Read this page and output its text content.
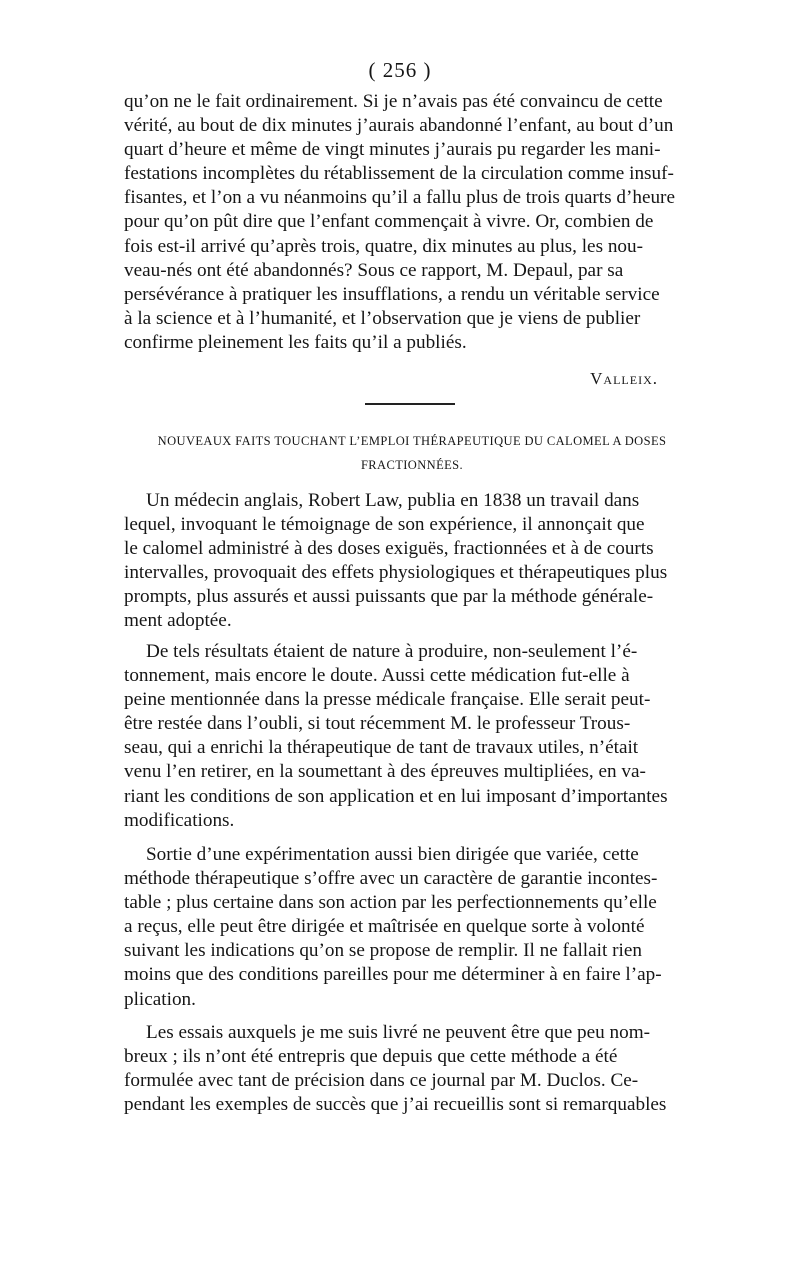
( 256 )

qu’on ne le fait ordinairement. Si je n’avais pas été convaincu de cette
vérité, au bout de dix minutes j’aurais abandonné l’enfant, au bout d’un
quart d’heure et même de vingt minutes j’aurais pu regarder les mani-
festations incomplètes du rétablissement de la circulation comme insuf-
fisantes, et l’on a vu néanmoins qu’il a fallu plus de trois quarts d’heure
pour qu’on pût dire que l’enfant commençait à vivre. Or, combien de
fois est-il arrivé qu’après trois, quatre, dix minutes au plus, les nou-
veau-nés ont été abandonnés? Sous ce rapport, M. Depaul, par sa
persévérance à pratiquer les insufflations, a rendu un véritable service
à la science et à l’humanité, et l’observation que je viens de publier
confirme pleinement les faits qu’il a publiés.

Valleix.
NOUVEAUX FAITS TOUCHANT L’EMPLOI THÉRAPEUTIQUE DU CALOMEL A DOSES
FRACTIONNÉES.

Un médecin anglais, Robert Law, publia en 1838 un travail dans
lequel, invoquant le témoignage de son expérience, il annonçait que
le calomel administré à des doses exiguës, fractionnées et à de courts
intervalles, provoquait des effets physiologiques et thérapeutiques plus
prompts, plus assurés et aussi puissants que par la méthode générale-
ment adoptée.

De tels résultats étaient de nature à produire, non-seulement l’é-
tonnement, mais encore le doute. Aussi cette médication fut-elle à
peine mentionnée dans la presse médicale française. Elle serait peut-
être restée dans l’oubli, si tout récemment M. le professeur Trous-
seau, qui a enrichi la thérapeutique de tant de travaux utiles, n’était
venu l’en retirer, en la soumettant à des épreuves multipliées, en va-
riant les conditions de son application et en lui imposant d’importantes
modifications.

Sortie d’une expérimentation aussi bien dirigée que variée, cette
méthode thérapeutique s’offre avec un caractère de garantie incontes-
table ; plus certaine dans son action par les perfectionnements qu’elle
a reçus, elle peut être dirigée et maîtrisée en quelque sorte à volonté
suivant les indications qu’on se propose de remplir. Il ne fallait rien
moins que des conditions pareilles pour me déterminer à en faire l’ap-
plication.

Les essais auxquels je me suis livré ne peuvent être que peu nom-
breux ; ils n’ont été entrepris que depuis que cette méthode a été
formulée avec tant de précision dans ce journal par M. Duclos. Ce-
pendant les exemples de succès que j’ai recueillis sont si remarquables
